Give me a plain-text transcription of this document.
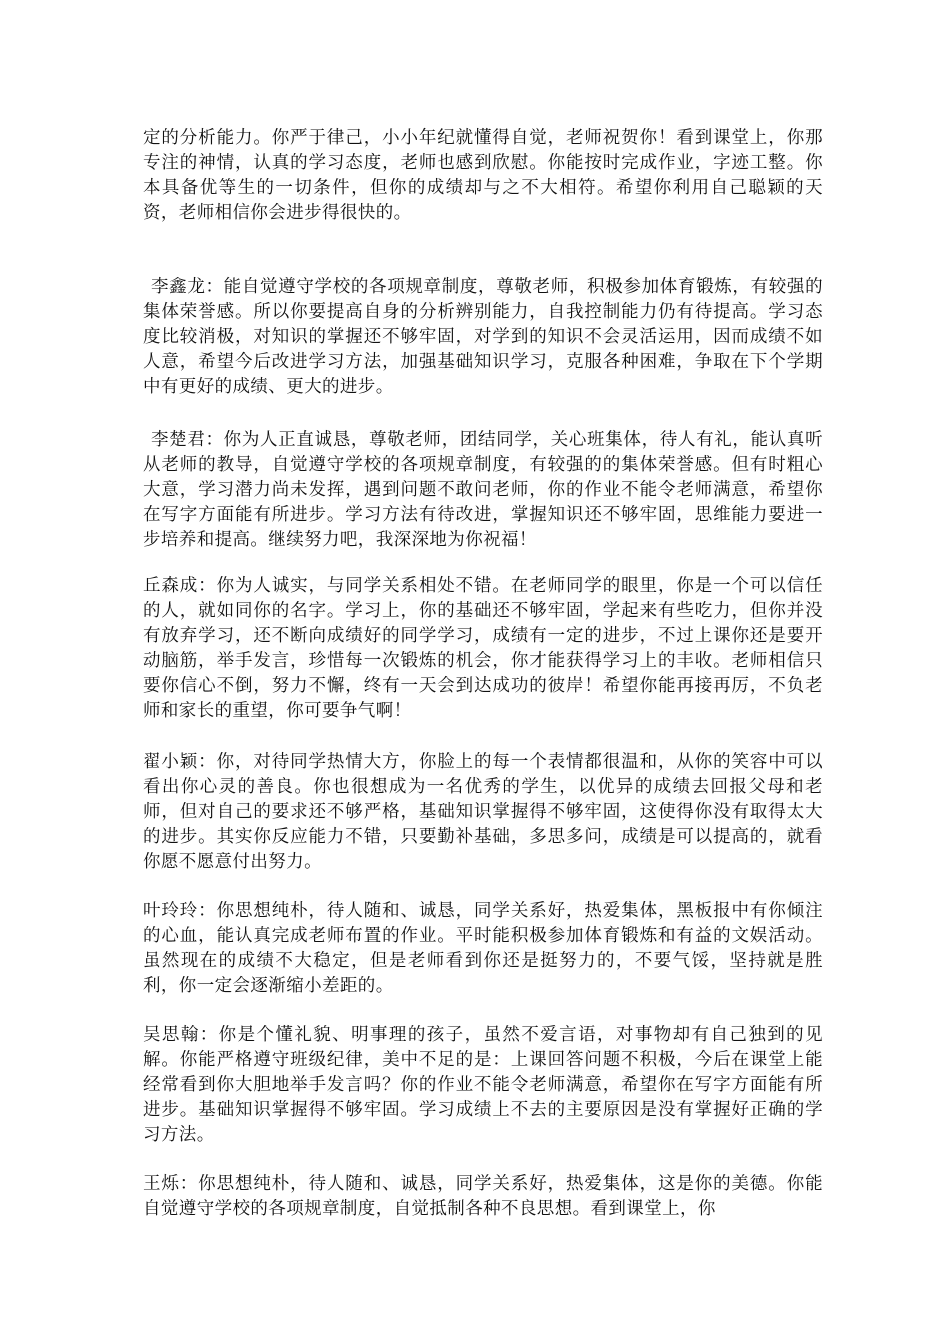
定的分析能力。你严于律己，小小年纪就懂得自觉，老师祝贺你！看到课堂上，你那专注的神情，认真的学习态度，老师也感到欣慰。你能按时完成作业，字迹工整。你本具备优等生的一切条件，但你的成绩却与之不大相符。希望你利用自己聪颖的天资，老师相信你会进步得很快的。

李鑫龙：能自觉遵守学校的各项规章制度，尊敬老师，积极参加体育锻炼，有较强的集体荣誉感。所以你要提高自身的分析辨别能力，自我控制能力仍有待提高。学习态度比较消极，对知识的掌握还不够牢固，对学到的知识不会灵活运用，因而成绩不如人意，希望今后改进学习方法，加强基础知识学习，克服各种困难，争取在下个学期中有更好的成绩、更大的进步。

李楚君：你为人正直诚恳，尊敬老师，团结同学，关心班集体，待人有礼，能认真听从老师的教导，自觉遵守学校的各项规章制度，有较强的的集体荣誉感。但有时粗心大意，学习潜力尚未发挥，遇到问题不敢问老师，你的作业不能令老师满意，希望你在写字方面能有所进步。学习方法有待改进，掌握知识还不够牢固，思维能力要进一步培养和提高。继续努力吧，我深深地为你祝福！

丘森成：你为人诚实，与同学关系相处不错。在老师同学的眼里，你是一个可以信任的人，就如同你的名字。学习上，你的基础还不够牢固，学起来有些吃力，但你并没有放弃学习，还不断向成绩好的同学学习，成绩有一定的进步，不过上课你还是要开动脑筋，举手发言，珍惜每一次锻炼的机会，你才能获得学习上的丰收。老师相信只要你信心不倒，努力不懈，终有一天会到达成功的彼岸！希望你能再接再厉，不负老师和家长的重望，你可要争气啊！

翟小颖：你，对待同学热情大方，你脸上的每一个表情都很温和，从你的笑容中可以看出你心灵的善良。你也很想成为一名优秀的学生，以优异的成绩去回报父母和老师，但对自己的要求还不够严格，基础知识掌握得不够牢固，这使得你没有取得太大的进步。其实你反应能力不错，只要勤补基础，多思多问，成绩是可以提高的，就看你愿不愿意付出努力。

叶玲玲：你思想纯朴，待人随和、诚恳，同学关系好，热爱集体，黑板报中有你倾注的心血，能认真完成老师布置的作业。平时能积极参加体育锻炼和有益的文娱活动。虽然现在的成绩不大稳定，但是老师看到你还是挺努力的，不要气馁，坚持就是胜利，你一定会逐渐缩小差距的。

吴思翰：你是个懂礼貌、明事理的孩子，虽然不爱言语，对事物却有自己独到的见解。你能严格遵守班级纪律，美中不足的是：上课回答问题不积极，今后在课堂上能经常看到你大胆地举手发言吗？你的作业不能令老师满意，希望你在写字方面能有所进步。基础知识掌握得不够牢固。学习成绩上不去的主要原因是没有掌握好正确的学习方法。

王烁：你思想纯朴，待人随和、诚恳，同学关系好，热爱集体，这是你的美德。你能自觉遵守学校的各项规章制度，自觉抵制各种不良思想。看到课堂上，你
